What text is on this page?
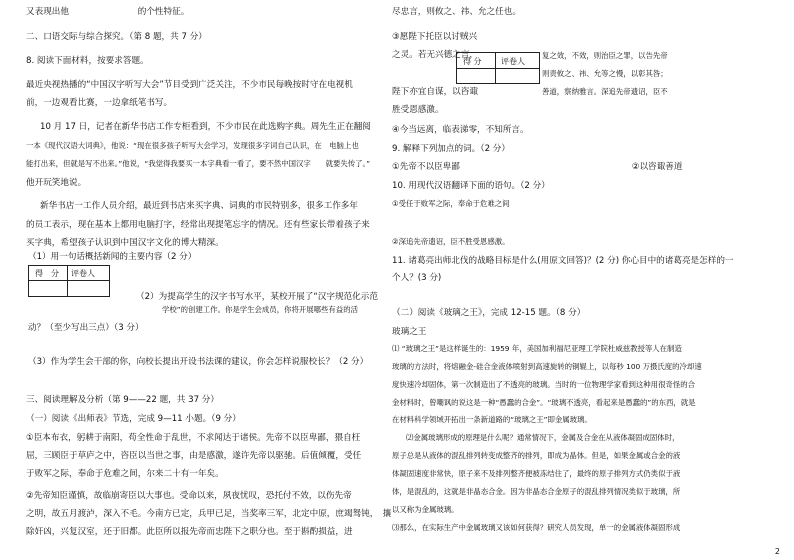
又表现出他　　　　　　　　的个性特征。
二、口语交际与综合探究。（第 8 题，共 7 分）
8. 阅读下面材料，按要求答题。
最近央视热播的“中国汉字听写大会”节目受到广泛关注，不少市民每晚按时守在电视机
前，一边观看比赛，一边拿纸笔书写。
10 月 17 日，记者在新华书店工作专柜看到，不少市民在此选购字典。周先生正在翻阅
一本《现代汉语大词典》，他说：“现在很多孩子听写大会学习，发现很多字词自己认识，在　电脑上也
能打出来，但就是写不出来。”他说，“我觉得我要买一本字典看一看了，要不然中国汉字　　就要失传了。”
他开玩笑地说。
新华书店一工作人员介绍，最近到书店来买字典、词典的市民特别多，很多工作多年
的员工表示，现在基本上都用电脑打字，经常出现提笔忘字的情况。还有些家长带着孩子来
买字典，希望孩子认识到中国汉字文化的博大精深。
（1）用一句话概括新闻的主要内容（2 分）
得　分 评卷人
（2）为提高学生的汉字书写水平，某校开展了“汉字规范化示范
学校”的创建工作。你是学生会成员，你将开展哪些有益的活
动？（至少写出三点）（3 分）
（3）作为学生会干部的你，向校长提出开设书法课的建议，你会怎样说服校长？（2 分）
三、阅读理解及分析（第 9——22 题，共 37 分）
（一）阅读《出师表》节选，完成 9—11 小题。（9 分）
①臣本布衣，躬耕于南阳，苟全性命于乱世，不求闻达于诸侯。先帝不以臣卑鄙，猥自枉
屈，三顾臣于草庐之中，咨臣以当世之事，由是感激，遂许先帝以驱驰。后值倾覆，受任
于败军之际，奉命于危难之间，尔来二十有一年矣。
②先帝知臣谨慎，故临崩寄臣以大事也。受命以来，夙夜忧叹，恐托付不效，以伤先帝
之明，故五月渡泸，深入不毛。今南方已定，兵甲已足，当奖率三军，北定中原，庶竭驽钝，　攘
除奸凶，兴复汉室，还于旧都。此臣所以报先帝而忠陛下之职分也。至于斟酌损益，进
尽忠言，则攸之、祎、允之任也。
③愿陛下托臣以讨贼兴
之灵。若无兴德之言，
陛下亦宜自谋，以咨诹
胜受恩感激。
得 分 评卷人
复之效，不效，则治臣之罪，以告先帝
则责攸之、祎、允等之慢，以彰其咎；
善道，察纳雅言。深追先帝遗诏，臣不
④今当远离，临表涕零，不知所言。
9. 解释下列加点的词。（2 分）
①先帝不以臣卑鄙　　　　　　　　　　　　　　　　　　　　②以咨诹善道
10. 用现代汉语翻译下面的语句。（2 分）
①受任于败军之际，奉命于危难之间
②深追先帝遗诏，臣不胜受恩感激。
11. 诸葛亮出师北伐的战略目标是什么(用原文回答)？(2 分) 你心目中的诸葛亮是怎样的一
个人？(3 分)
（二）阅读《玻璃之王》，完成 12-15 题。（8 分）
玻璃之王
⑴ “玻璃之王”是这样诞生的：1959 年，美国加利福尼亚理工学院杜威兹教授等人在制造
玻璃的方法时，将熔融金-硅合金液体喷射到高速旋转的铜辊上，以每秒 100 万摄氏度的冷却速
度快速冷却固体，第一次制造出了不透亮的玻璃。当时的一位物理学家看到这种用很奇怪的合
金材料时，曾嘲讽的说这是一种“愚蠢的合金”。“玻璃不透亮，看起来是愚蠢的”的东西，就是
在材料科学领域开拓出一条新道路的“玻璃之王”即金属玻璃。
⑵金属玻璃形成的原理是什么呢？通常情况下，金属及合金在从液体凝固成固体时，
原子总是从液体的混乱排列转变成整齐的排列，即成为晶体。但是，如果金属或合金的液
体凝固速度非常快，原子来不及排列整齐便被冻结住了，最终的原子排列方式仍类似于液
体，是混乱的，这就是非晶态合金。因为非晶态合金原子的混乱排列情况类似于玻璃，所
以又称为金属玻璃。
⑶那么，在实际生产中金属玻璃又该如何获得？研究人员发现，单一的金属液体凝固形成
2
